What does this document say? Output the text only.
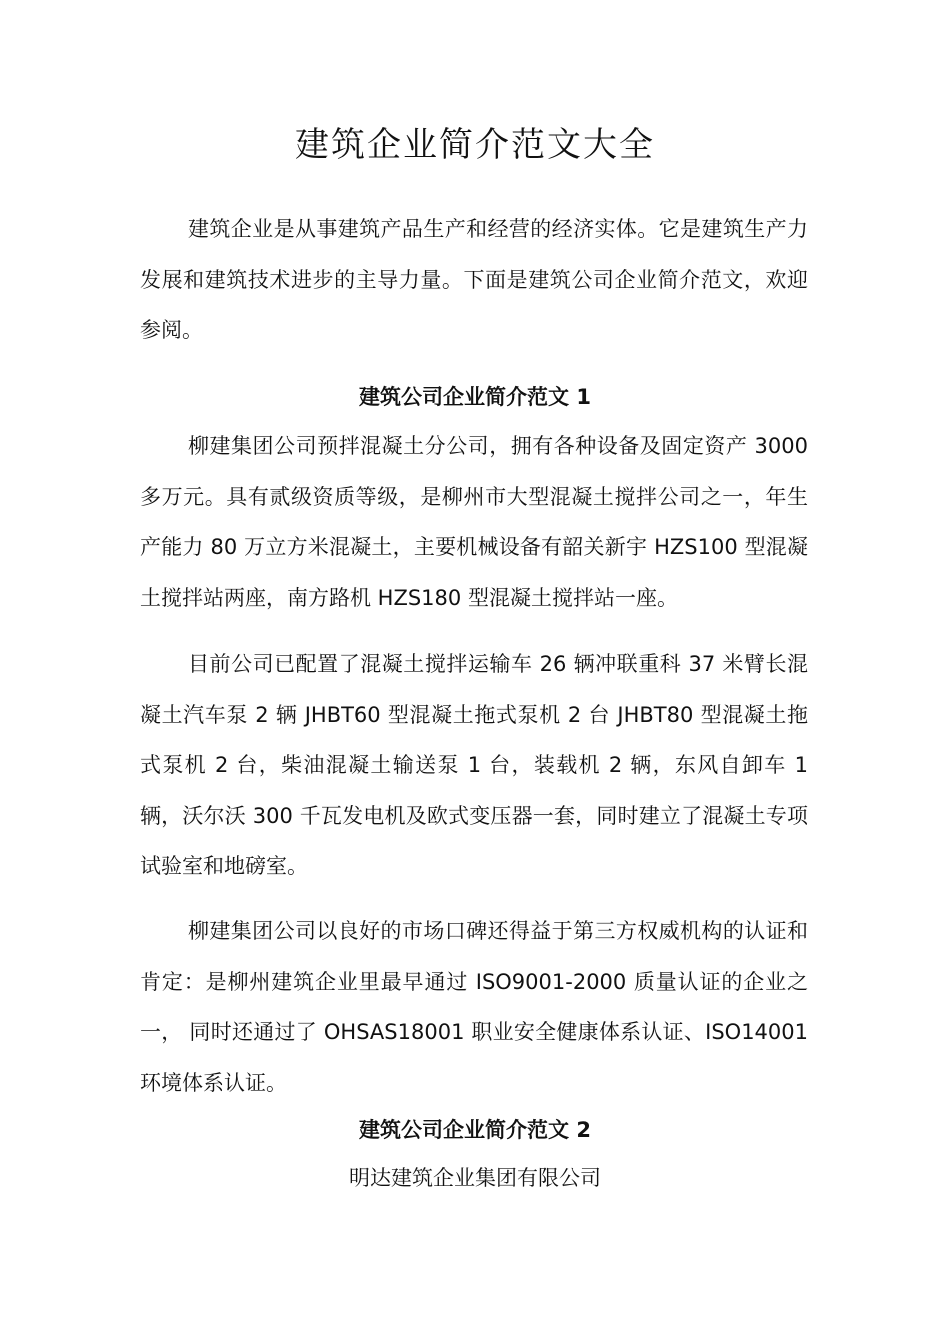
建筑企业简介范文大全

建筑企业是从事建筑产品生产和经营的经济实体。它是建筑生产力发展和建筑技术进步的主导力量。下面是建筑公司企业简介范文，欢迎参阅。

建筑公司企业简介范文 1

柳建集团公司预拌混凝土分公司，拥有各种设备及固定资产 3000 多万元。具有贰级资质等级，是柳州市大型混凝土搅拌公司之一，年生产能力 80 万立方米混凝土，主要机械设备有韶关新宇 HZS100 型混凝土搅拌站两座，南方路机 HZS180 型混凝土搅拌站一座。

目前公司已配置了混凝土搅拌运输车 26 辆冲联重科 37 米臂长混凝土汽车泵 2 辆 JHBT60 型混凝土拖式泵机 2 台 JHBT80 型混凝土拖式泵机 2 台，柴油混凝土输送泵 1 台，装载机 2 辆，东风自卸车 1 辆，沃尔沃 300 千瓦发电机及欧式变压器一套，同时建立了混凝土专项试验室和地磅室。

柳建集团公司以良好的市场口碑还得益于第三方权威机构的认证和肯定：是柳州建筑企业里最早通过 ISO9001-2000 质量认证的企业之一， 同时还通过了 OHSAS18001 职业安全健康体系认证、ISO14001 环境体系认证。

建筑公司企业简介范文 2

明达建筑企业集团有限公司
